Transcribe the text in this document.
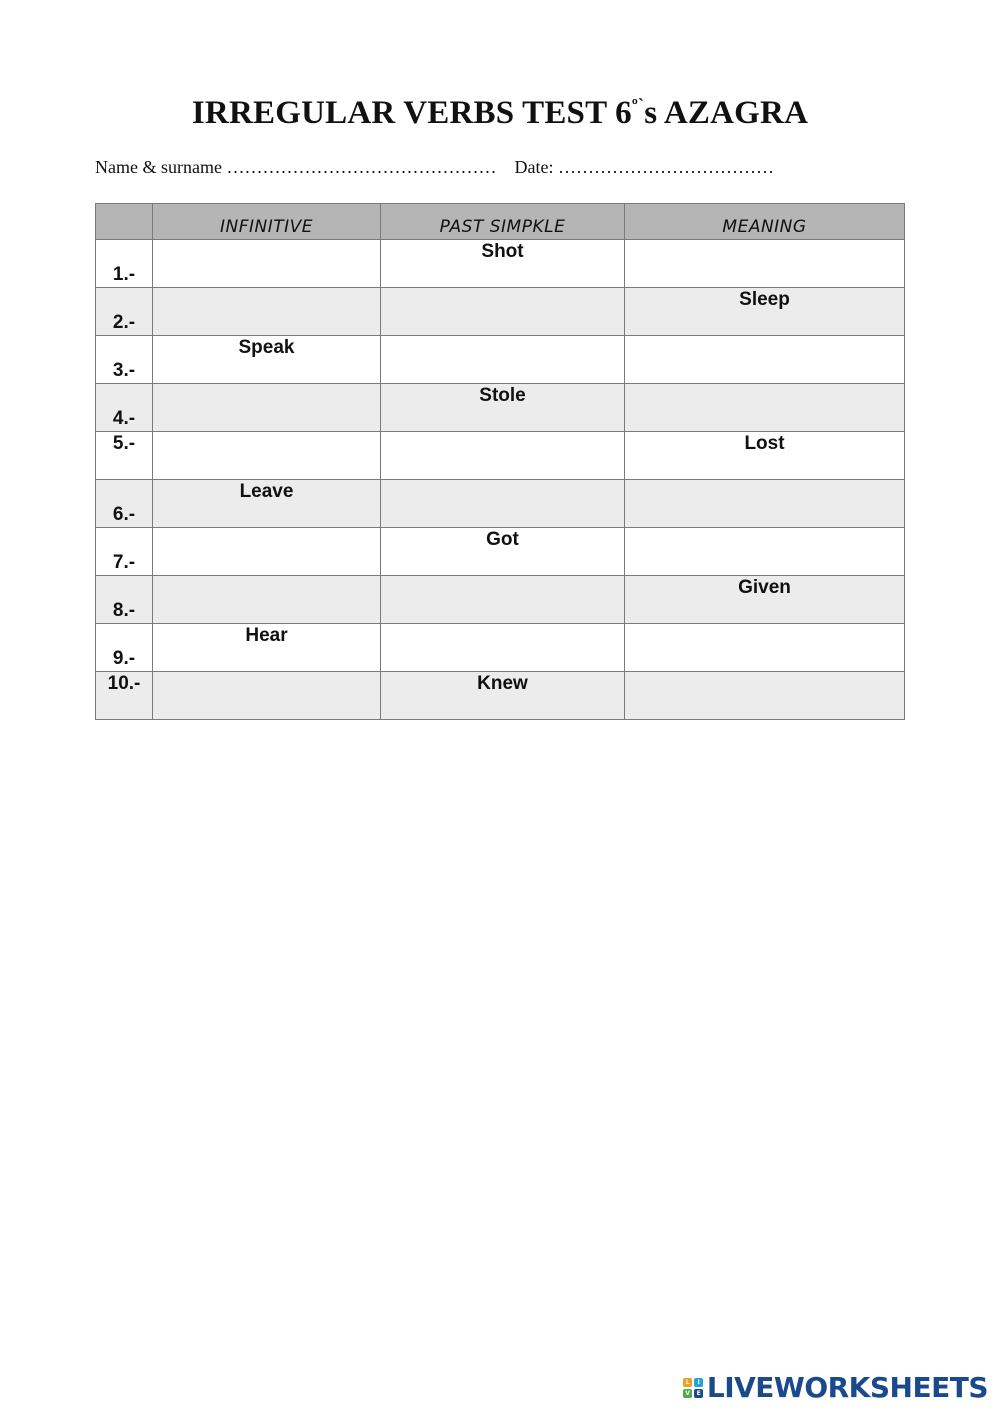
IRREGULAR VERBS TEST $6^{º`}s$ AZAGRA
Name & surname ……………………………………… Date: ………………………………
	INFINITIVE	PAST SIMPKLE	MEANING
1.-		Shot	
2.-			Sleep
3.-	Speak		
4.-		Stole	
5.-			Lost
6.-	Leave		
7.-		Got	
8.-			Given
9.-	Hear		
10.-		Knew	
L	I
V	E LIVEWORKSHEETS
